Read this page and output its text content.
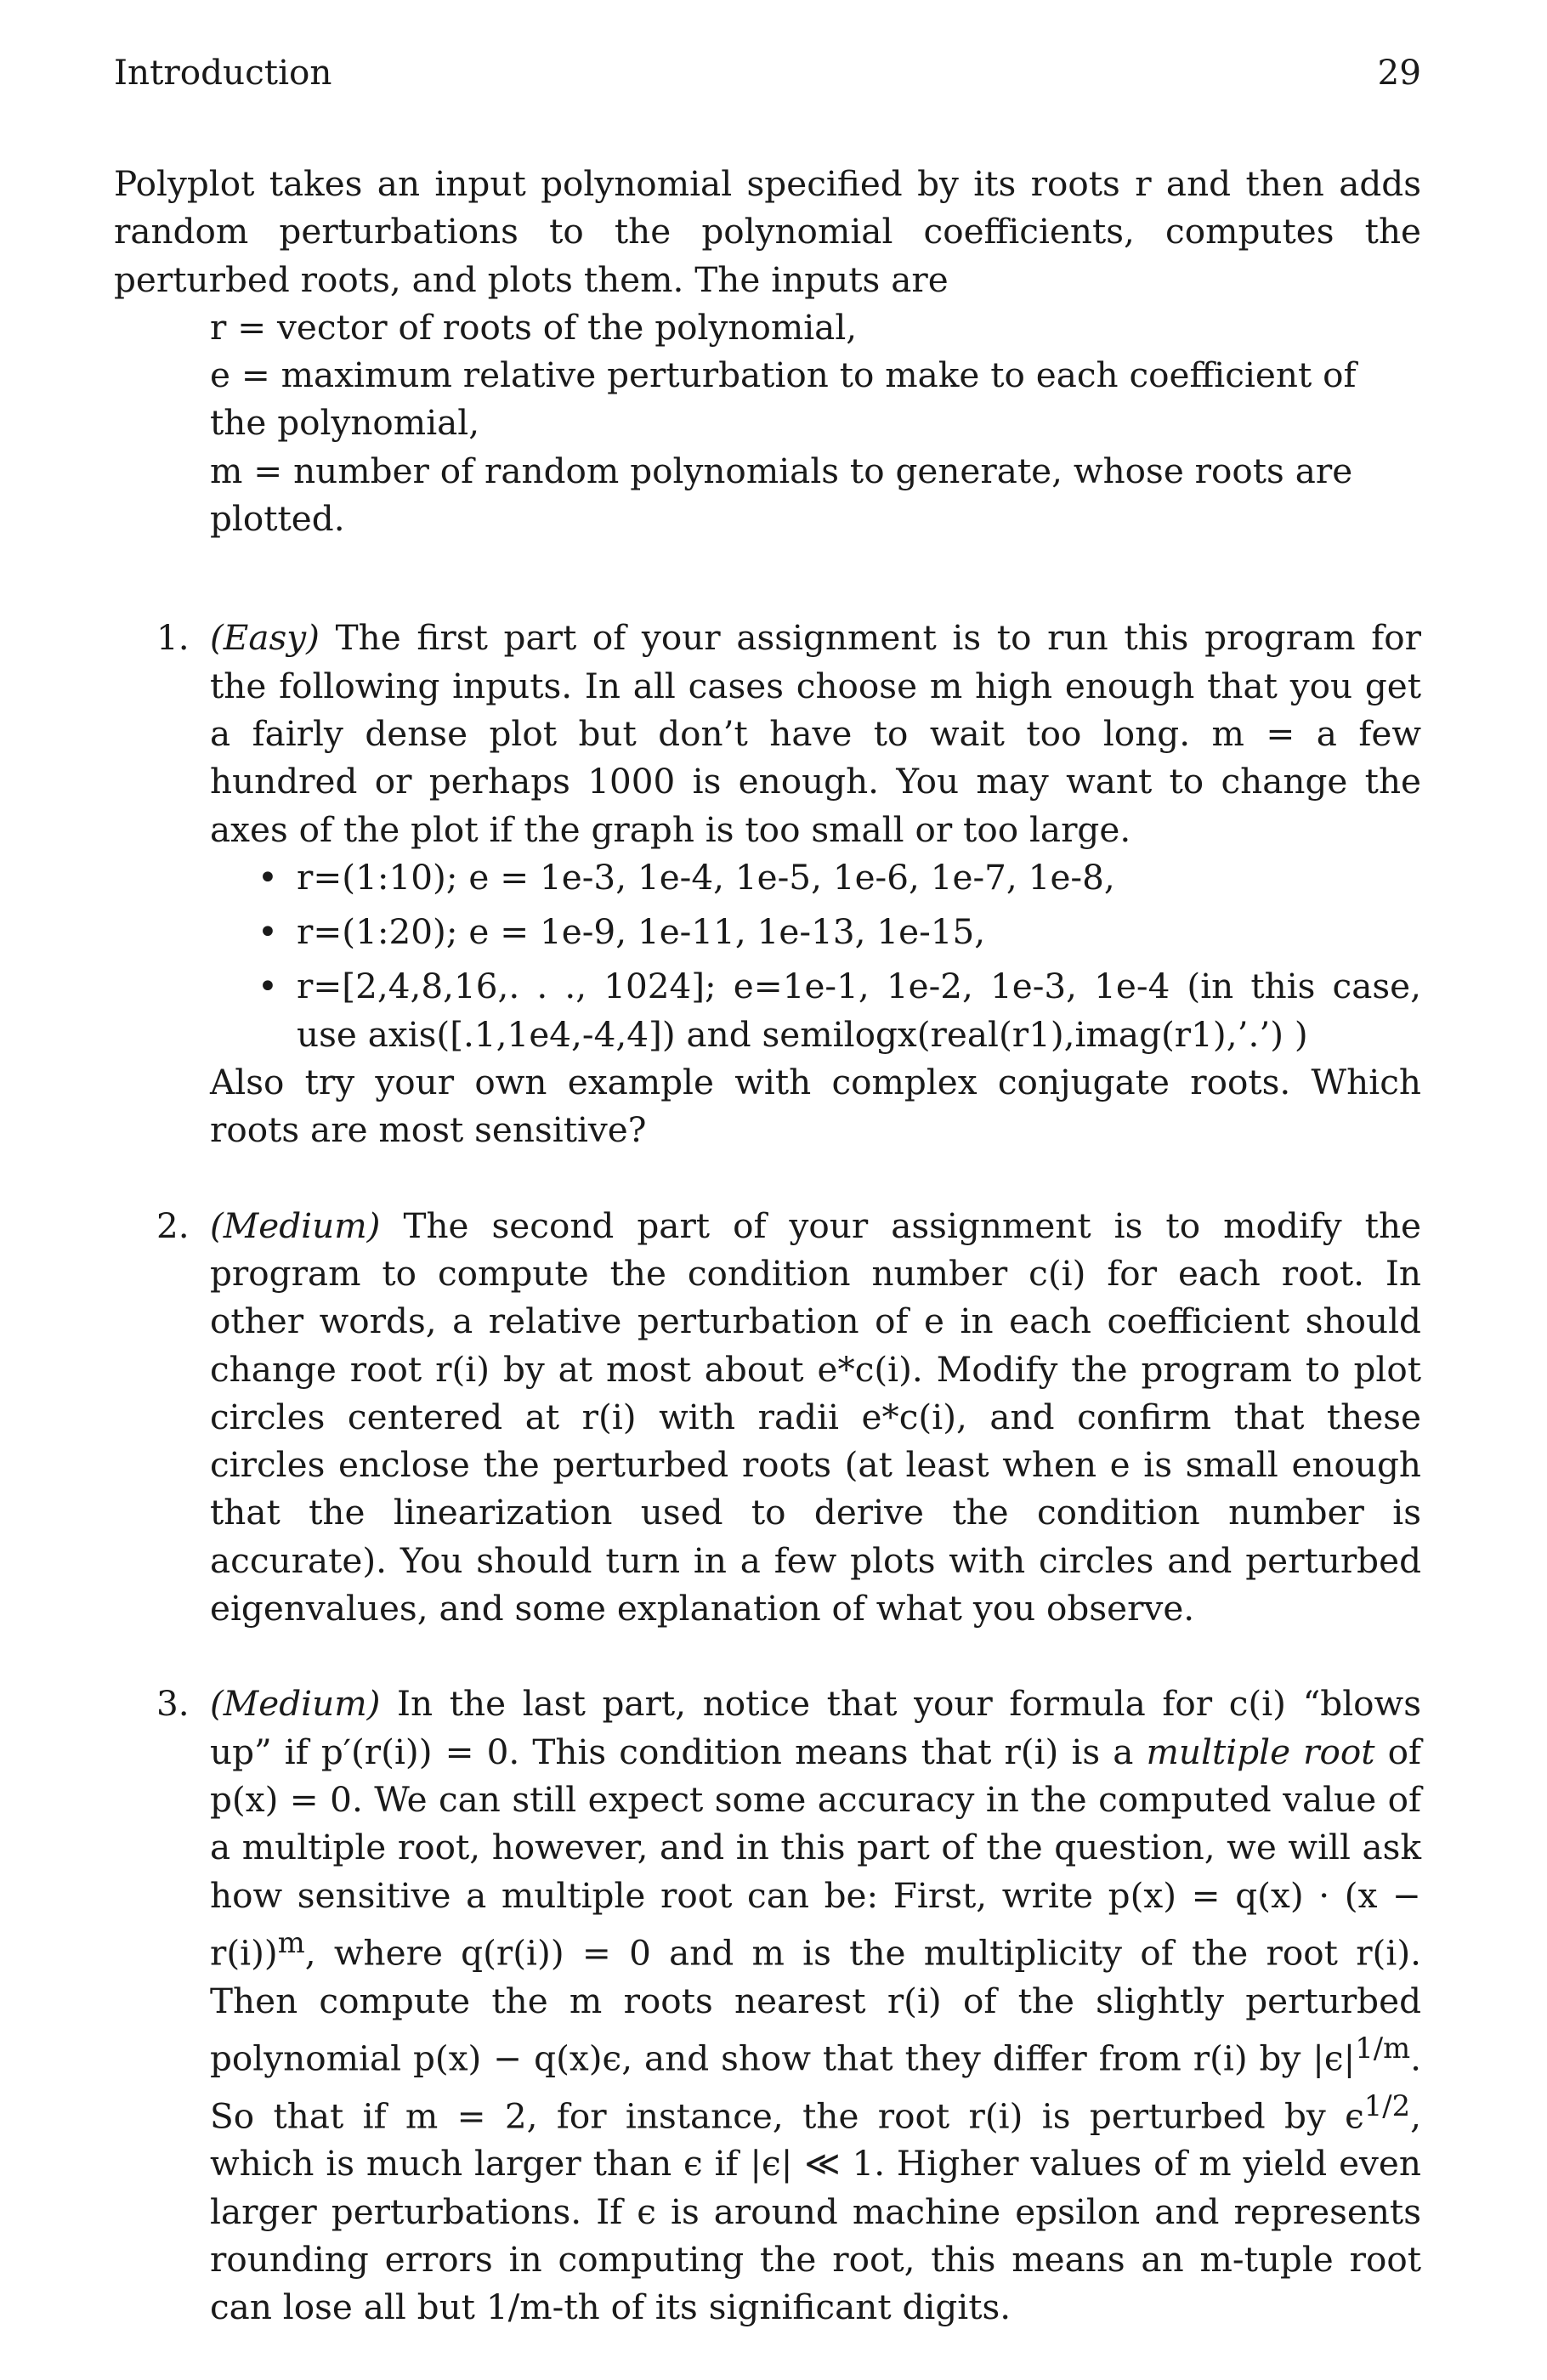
Introduction	29

Polyplot takes an input polynomial specified by its roots r and then adds random perturbations to the polynomial coefficients, computes the perturbed roots, and plots them. The inputs are

r = vector of roots of the polynomial,

e = maximum relative perturbation to make to each coefficient of the polynomial,

m = number of random polynomials to generate, whose roots are plotted.

1. (Easy) The first part of your assignment is to run this program for the following inputs. In all cases choose m high enough that you get a fairly dense plot but don’t have to wait too long. m = a few hundred or perhaps 1000 is enough. You may want to change the axes of the plot if the graph is too small or too large.

• r=(1:10); e = 1e-3, 1e-4, 1e-5, 1e-6, 1e-7, 1e-8,
• r=(1:20); e = 1e-9, 1e-11, 1e-13, 1e-15,
• r=[2,4,8,16,. . ., 1024]; e=1e-1, 1e-2, 1e-3, 1e-4 (in this case, use axis([.1,1e4,-4,4]) and semilogx(real(r1),imag(r1),’.’) )

Also try your own example with complex conjugate roots. Which roots are most sensitive?

2. (Medium) The second part of your assignment is to modify the program to compute the condition number c(i) for each root. In other words, a relative perturbation of e in each coefficient should change root r(i) by at most about e*c(i). Modify the program to plot circles centered at r(i) with radii e*c(i), and confirm that these circles enclose the perturbed roots (at least when e is small enough that the linearization used to derive the condition number is accurate). You should turn in a few plots with circles and perturbed eigenvalues, and some explanation of what you observe.

3. (Medium) In the last part, notice that your formula for c(i) “blows up” if p′(r(i)) = 0. This condition means that r(i) is a multiple root of p(x) = 0. We can still expect some accuracy in the computed value of a multiple root, however, and in this part of the question, we will ask how sensitive a multiple root can be: First, write $p(x) = q(x) \cdot (x - r(i))^m$, where q(r(i)) = 0 and m is the multiplicity of the root r(i). Then compute the m roots nearest r(i) of the slightly perturbed polynomial p(x) − q(x)ϵ, and show that they differ from r(i) by $|\epsilon|^{1/m}$. So that if m = 2, for instance, the root r(i) is perturbed by $\epsilon^{1/2}$, which is much larger than ϵ if |ϵ| ≪ 1. Higher values of m yield even larger perturbations. If ϵ is around machine epsilon and represents rounding errors in computing the root, this means an m-tuple root can lose all but 1/m-th of its significant digits.
